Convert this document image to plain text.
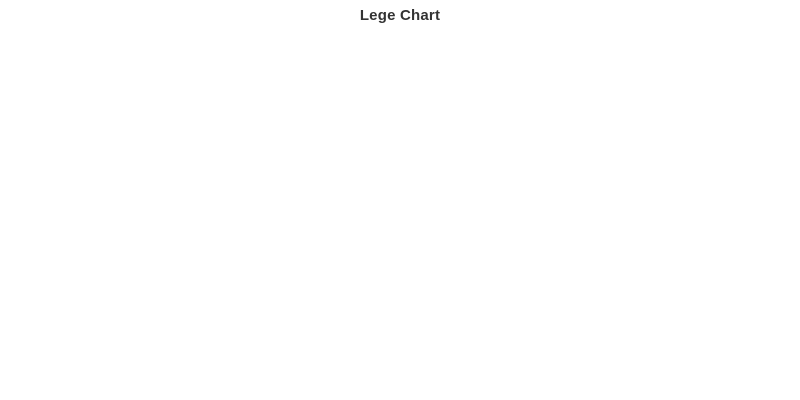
Lege Chart
